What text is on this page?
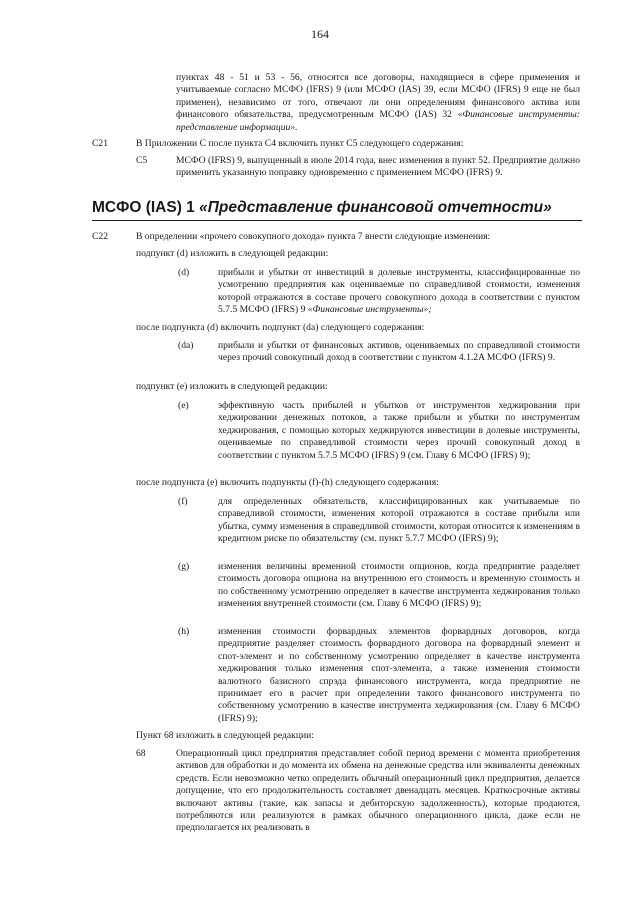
164
пунктах 48 - 51 и 53 - 56, относятся все договоры, находящиеся в сфере применения и учитываемые согласно МСФО (IFRS) 9 (или МСФО (IAS) 39, если МСФО (IFRS) 9 еще не был применен), независимо от того, отвечают ли они определениям финансового актива или финансового обязательства, предусмотренным МСФО (IAS) 32 «Финансовые инструменты: представление информации».
C21	В Приложении C после пункта C4 включить пункт C5 следующего содержания:
C5	МСФО (IFRS) 9, выпущенный в июле 2014 года, внес изменения в пункт 52. Предприятие должно применить указанную поправку одновременно с применением МСФО (IFRS) 9.
МСФО (IAS) 1 «Представление финансовой отчетности»
C22	В определении «прочего совокупного дохода» пункта 7 внести следующие изменения:
подпункт (d) изложить в следующей редакции:
(d)	прибыли и убытки от инвестиций в долевые инструменты, классифицированные по усмотрению предприятия как оцениваемые по справедливой стоимости, изменения которой отражаются в составе прочего совокупного дохода в соответствии с пунктом 5.7.5 МСФО (IFRS) 9 «Финансовые инструменты»;
после подпункта (d) включить подпункт (da) следующего содержания:
(da)	прибыли и убытки от финансовых активов, оцениваемых по справедливой стоимости через прочий совокупный доход в соответствии с пунктом 4.1.2A МСФО (IFRS) 9.
подпункт (e) изложить в следующей редакции:
(e)	эффективную часть прибылей и убытков от инструментов хеджирования при хеджировании денежных потоков, а также прибыли и убытки по инструментам хеджирования, с помощью которых хеджируются инвестиции в долевые инструменты, оцениваемые по справедливой стоимости через прочий совокупный доход в соответствии с пунктом 5.7.5 МСФО (IFRS) 9 (см. Главу 6 МСФО (IFRS) 9);
после подпункта (e) включить подпункты (f)-(h) следующего содержания:
(f)	для определенных обязательств, классифицированных как учитываемые по справедливой стоимости, изменения которой отражаются в составе прибыли или убытка, сумму изменения в справедливой стоимости, которая относится к изменениям в кредитном риске по обязательству (см. пункт 5.7.7 МСФО (IFRS) 9);
(g)	изменения величины временной стоимости опционов, когда предприятие разделяет стоимость договора опциона на внутреннюю его стоимость и временную стоимость и по собственному усмотрению определяет в качестве инструмента хеджирования только изменения внутренней стоимости (см. Главу 6 МСФО (IFRS) 9);
(h)	изменения стоимости форвардных элементов форвардных договоров, когда предприятие разделяет стоимость форвардного договора на форвардный элемент и спот-элемент и по собственному усмотрению определяет в качестве инструмента хеджирования только изменения спот-элемента, а также изменения стоимости валютного базисного спрэда финансового инструмента, когда предприятие не принимает его в расчет при определении такого финансового инструмента по собственному усмотрению в качестве инструмента хеджирования (см. Главу 6 МСФО (IFRS) 9);
Пункт 68 изложить в следующей редакции:
68	Операционный цикл предприятия представляет собой период времени с момента приобретения активов для обработки и до момента их обмена на денежные средства или эквиваленты денежных средств. Если невозможно четко определить обычный операционный цикл предприятия, делается допущение, что его продолжительность составляет двенадцать месяцев. Краткосрочные активы включают активы (такие, как запасы и дебиторскую задолженность), которые продаются, потребляются или реализуются в рамках обычного операционного цикла, даже если не предполагается их реализовать в
